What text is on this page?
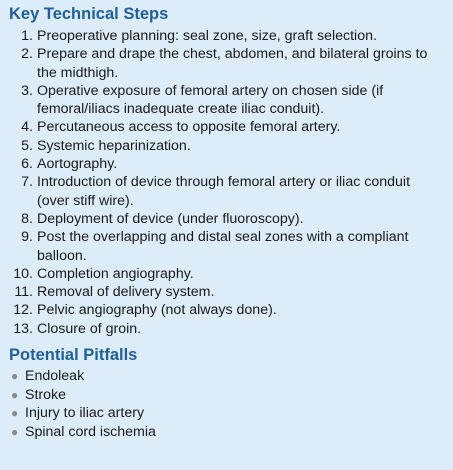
Key Technical Steps
1. Preoperative planning: seal zone, size, graft selection.
2. Prepare and drape the chest, abdomen, and bilateral groins to the midthigh.
3. Operative exposure of femoral artery on chosen side (if femoral/iliacs inadequate create iliac conduit).
4. Percutaneous access to opposite femoral artery.
5. Systemic heparinization.
6. Aortography.
7. Introduction of device through femoral artery or iliac conduit (over stiff wire).
8. Deployment of device (under fluoroscopy).
9. Post the overlapping and distal seal zones with a compliant balloon.
10. Completion angiography.
11. Removal of delivery system.
12. Pelvic angiography (not always done).
13. Closure of groin.
Potential Pitfalls
● Endoleak
● Stroke
● Injury to iliac artery
● Spinal cord ischemia
